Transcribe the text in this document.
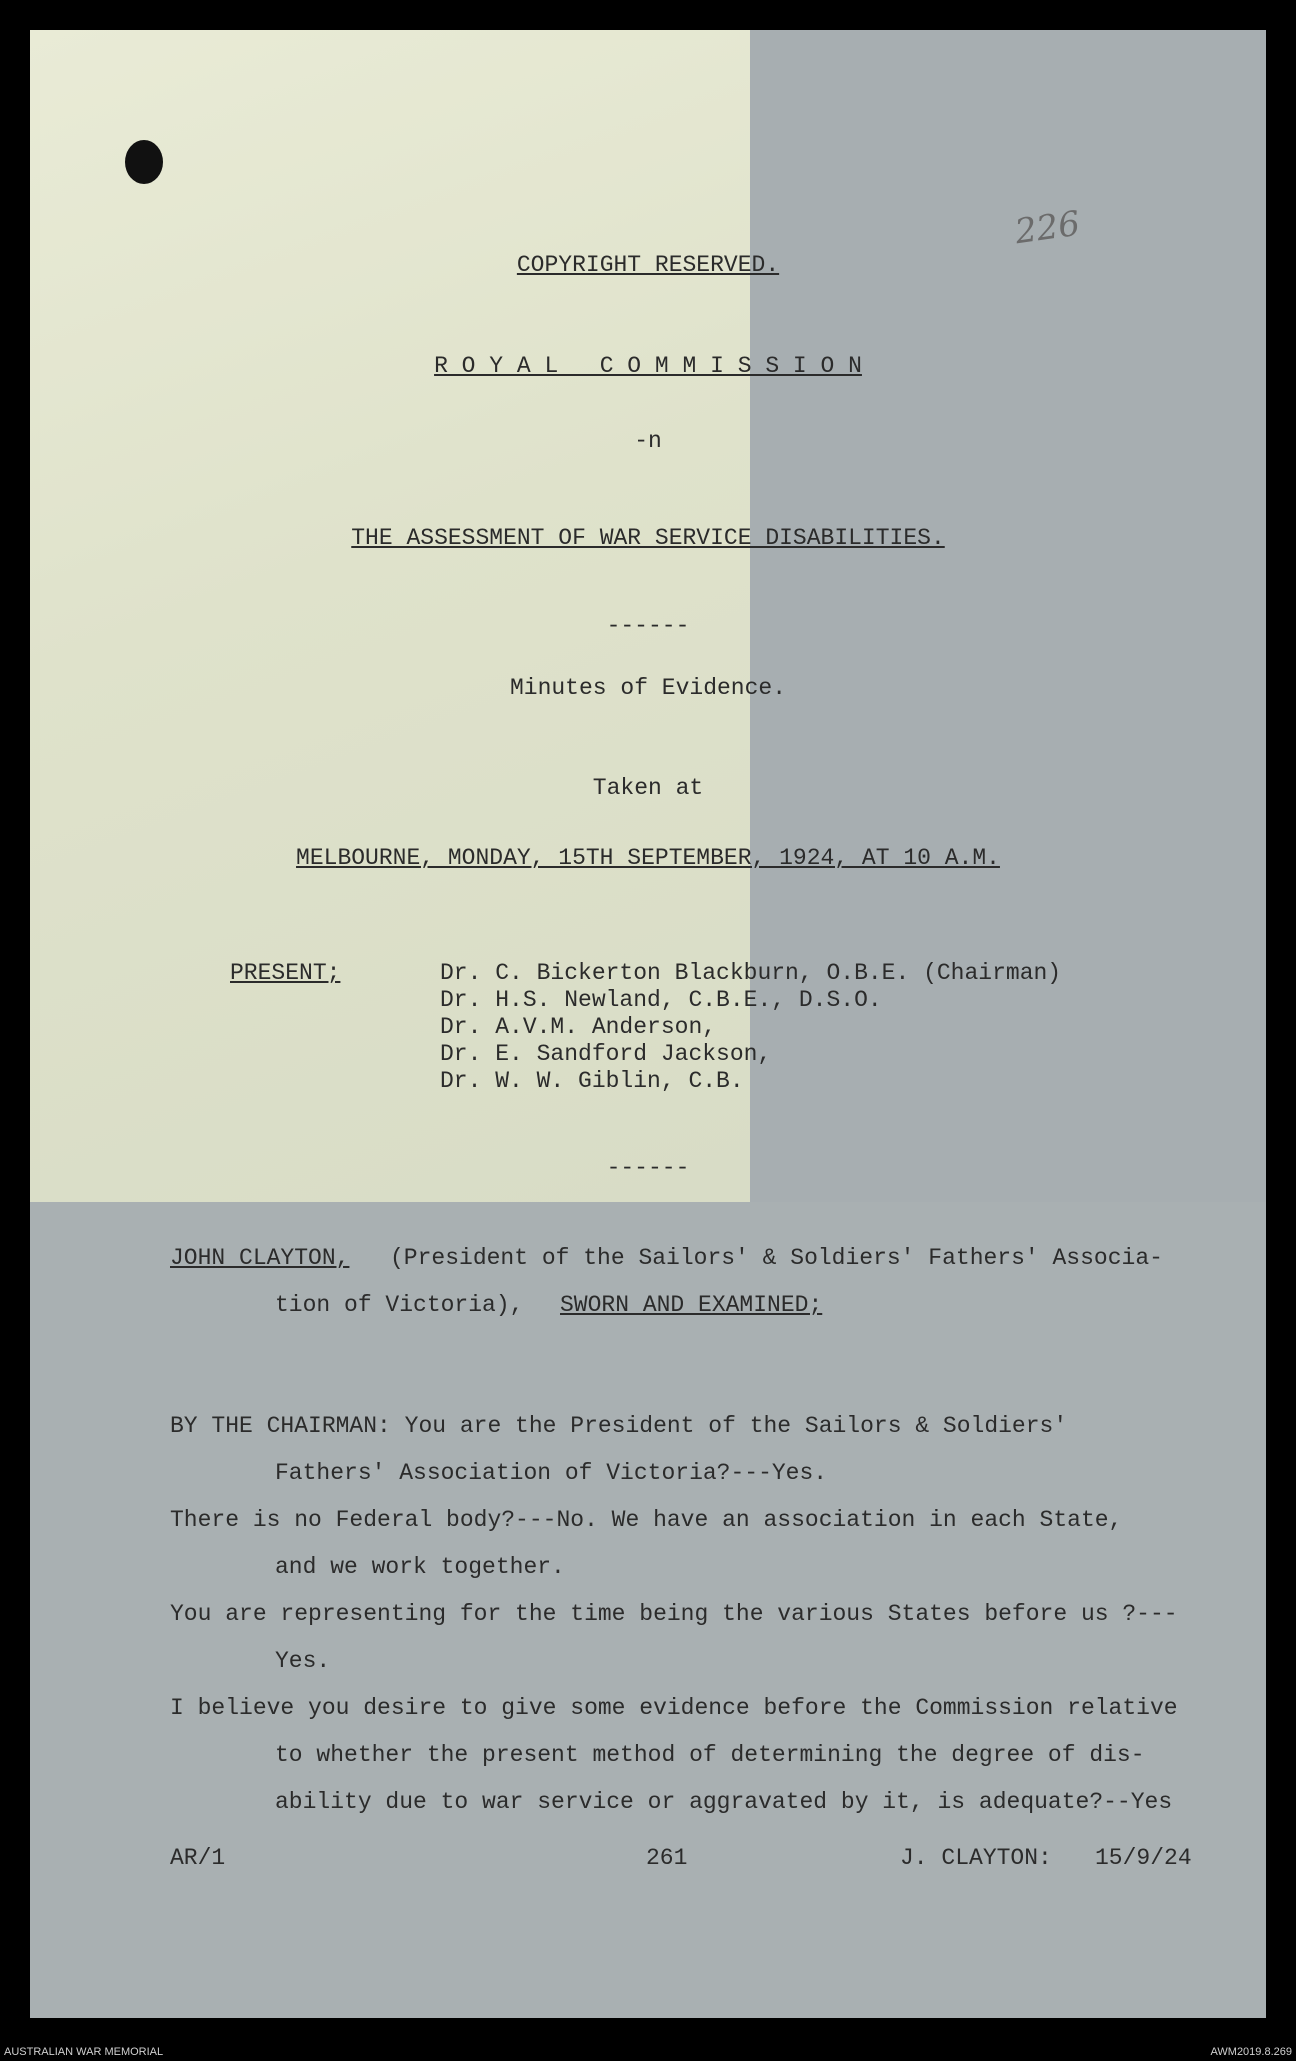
226
COPYRIGHT RESERVED.
R O Y A L   C O M M I S S I O N
-n
THE ASSESSMENT OF WAR SERVICE DISABILITIES.
------
Minutes of Evidence.
Taken at
MELBOURNE, MONDAY, 15TH SEPTEMBER, 1924, AT 10 A.M.
PRESENT;	Dr. C. Bickerton Blackburn, O.B.E. (Chairman)
Dr. H.S. Newland, C.B.E., D.S.O.
Dr. A.V.M. Anderson,
Dr. E. Sandford Jackson,
Dr. W. W. Giblin, C.B.
------
JOHN CLAYTON, (President of the Sailors' & Soldiers' Fathers' Associa-
tion of Victoria), SWORN AND EXAMINED;
BY THE CHAIRMAN: You are the President of the Sailors & Soldiers'
Fathers' Association of Victoria?---Yes.
There is no Federal body?---No. We have an association in each State,
and we work together.
You are representing for the time being the various States before us ?---
Yes.
I believe you desire to give some evidence before the Commission relative
to whether the present method of determining the degree of dis-
ability due to war service or aggravated by it, is adequate?--Yes
AR/1	261	J. CLAYTON: 15/9/24
AUSTRALIAN WAR MEMORIAL	AWM2019.8.269
